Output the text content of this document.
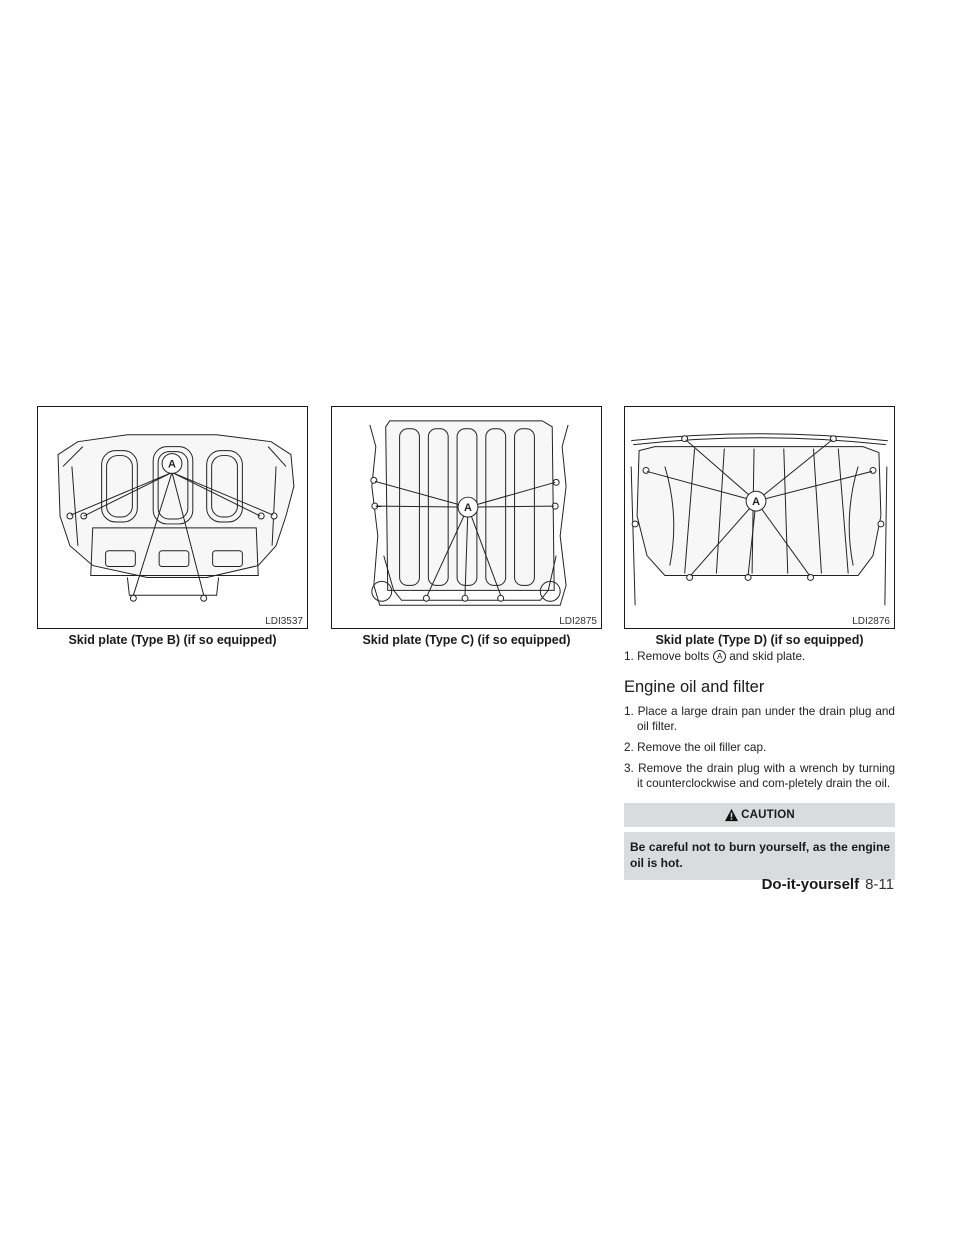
A
LDI3537
Skid plate (Type B) (if so equipped)
A
LDI2875
Skid plate (Type C) (if so equipped)
A
LDI2876
Skid plate (Type D) (if so equipped)

1. Remove bolts A and skid plate.

Engine oil and filter

1. Place a large drain pan under the drain plug and oil filter.

2. Remove the oil filler cap.

3. Remove the drain plug with a wrench by turning it counterclockwise and com-pletely drain the oil.

CAUTION
Be careful not to burn yourself, as the engine oil is hot.
Do-it-yourself 8-11
